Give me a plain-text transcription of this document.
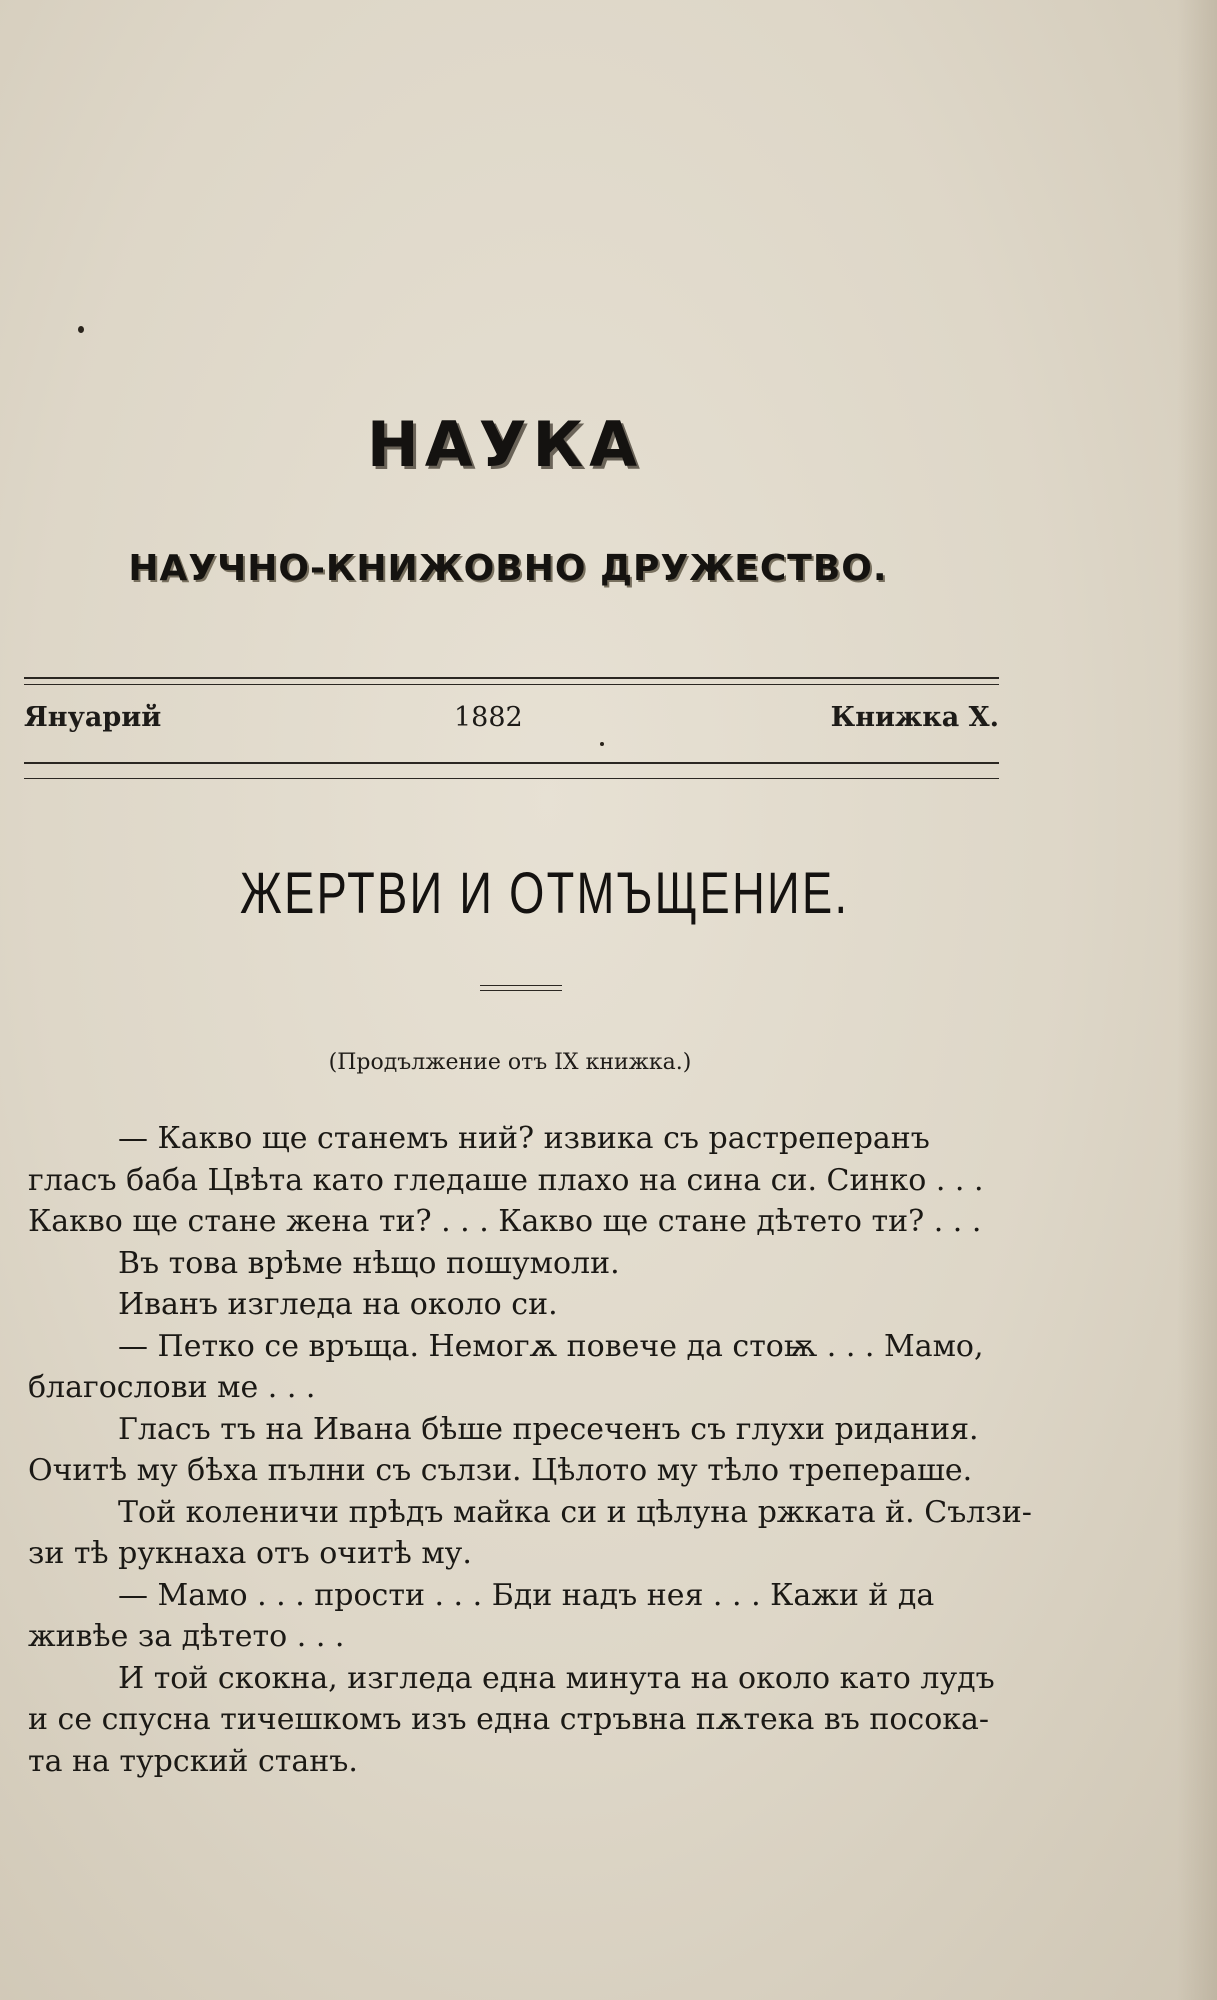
НАУКА
НАУЧНО-КНИЖОВНО ДРУЖЕСТВО.
Януарий	1882	Книжка X.
ЖЕРТВИ И ОТМЪЩЕНИЕ.
(Продължение отъ IX книжка.)
— Какво ще станемъ ний? извика съ растреперанъ
гласъ баба Цвѣта като гледаше плахо на сина си. Синко . . .
Какво ще стане жена ти? . . . Какво ще стане дѣтето ти? . . .
Въ това врѣме нѣщо пошумоли.
Иванъ изгледа на около си.
— Петко се връща. Немогѫ повече да стоѭ . . . Мамо,
благослови ме . . .
Гласъ тъ на Ивана бѣше пресеченъ съ глухи ридания.
Очитѣ му бѣха пълни съ сълзи. Цѣлото му тѣло трепераше.
Той коленичи прѣдъ майка си и цѣлуна ржката й. Сълзи-
зи тѣ рукнаха отъ очитѣ му.
— Мамо . . . прости . . . Бди надъ нея . . . Кажи й да
живѣе за дѣтето . . .
И той скокна, изгледа една минута на около като лудъ
и се спусна тичешкомъ изъ една стръвна пѫтека въ посока-
та на турский станъ.
